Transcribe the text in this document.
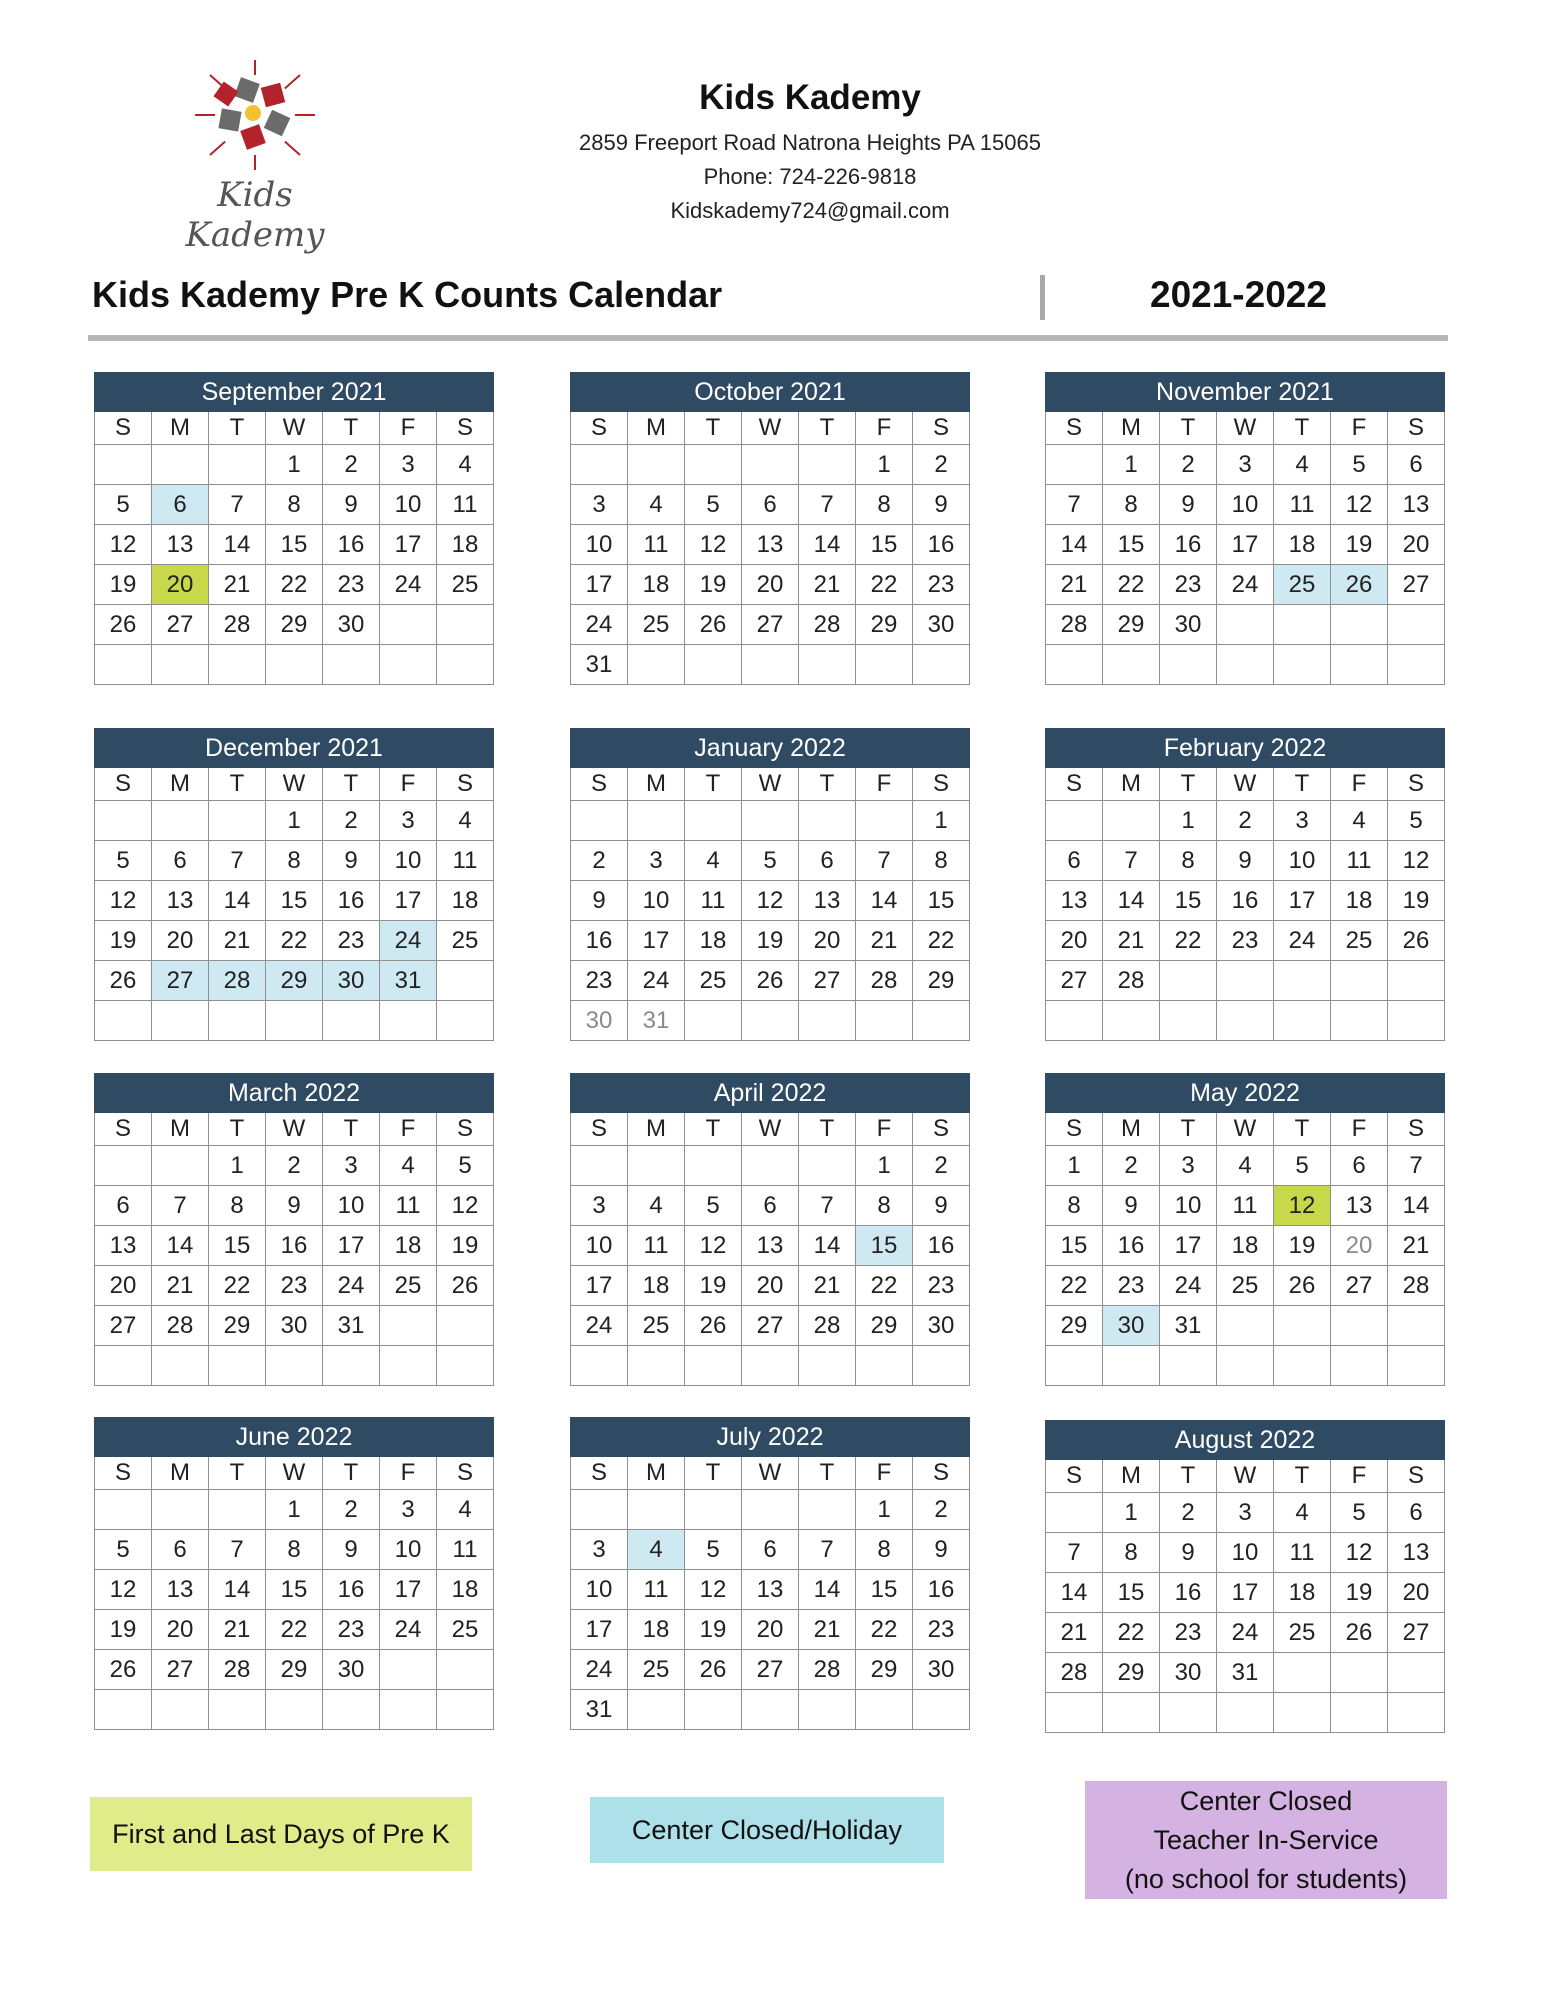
Kids Kademy
Kids Kademy
2859 Freeport Road Natrona Heights PA 15065
Phone: 724-226-9818
Kidskademy724@gmail.com
Kids Kademy Pre K Counts Calendar	2021-2022
September 2021						
S	M	T	W	T	F	S
			1	2	3	4
5	6	7	8	9	10	11
12	13	14	15	16	17	18
19	20	21	22	23	24	25
26	27	28	29	30		

October 2021						
S	M	T	W	T	F	S
					1	2
3	4	5	6	7	8	9
10	11	12	13	14	15	16
17	18	19	20	21	22	23
24	25	26	27	28	29	30
31						
November 2021						
S	M	T	W	T	F	S
	1	2	3	4	5	6
7	8	9	10	11	12	13
14	15	16	17	18	19	20
21	22	23	24	25	26	27
28	29	30				

December 2021						
S	M	T	W	T	F	S
			1	2	3	4
5	6	7	8	9	10	11
12	13	14	15	16	17	18
19	20	21	22	23	24	25
26	27	28	29	30	31	

January 2022						
S	M	T	W	T	F	S
						1
2	3	4	5	6	7	8
9	10	11	12	13	14	15
16	17	18	19	20	21	22
23	24	25	26	27	28	29
30	31					
February 2022						
S	M	T	W	T	F	S
		1	2	3	4	5
6	7	8	9	10	11	12
13	14	15	16	17	18	19
20	21	22	23	24	25	26
27	28					

March 2022						
S	M	T	W	T	F	S
		1	2	3	4	5
6	7	8	9	10	11	12
13	14	15	16	17	18	19
20	21	22	23	24	25	26
27	28	29	30	31		

April 2022						
S	M	T	W	T	F	S
					1	2
3	4	5	6	7	8	9
10	11	12	13	14	15	16
17	18	19	20	21	22	23
24	25	26	27	28	29	30

May 2022						
S	M	T	W	T	F	S
1	2	3	4	5	6	7
8	9	10	11	12	13	14
15	16	17	18	19	20	21
22	23	24	25	26	27	28
29	30	31				

June 2022						
S	M	T	W	T	F	S
			1	2	3	4
5	6	7	8	9	10	11
12	13	14	15	16	17	18
19	20	21	22	23	24	25
26	27	28	29	30		

July 2022						
S	M	T	W	T	F	S
					1	2
3	4	5	6	7	8	9
10	11	12	13	14	15	16
17	18	19	20	21	22	23
24	25	26	27	28	29	30
31						
August 2022						
S	M	T	W	T	F	S
	1	2	3	4	5	6
7	8	9	10	11	12	13
14	15	16	17	18	19	20
21	22	23	24	25	26	27
28	29	30	31			

First and Last Days of Pre K	Center Closed/Holiday
Center Closed
Teacher In-Service
(no school for students)
